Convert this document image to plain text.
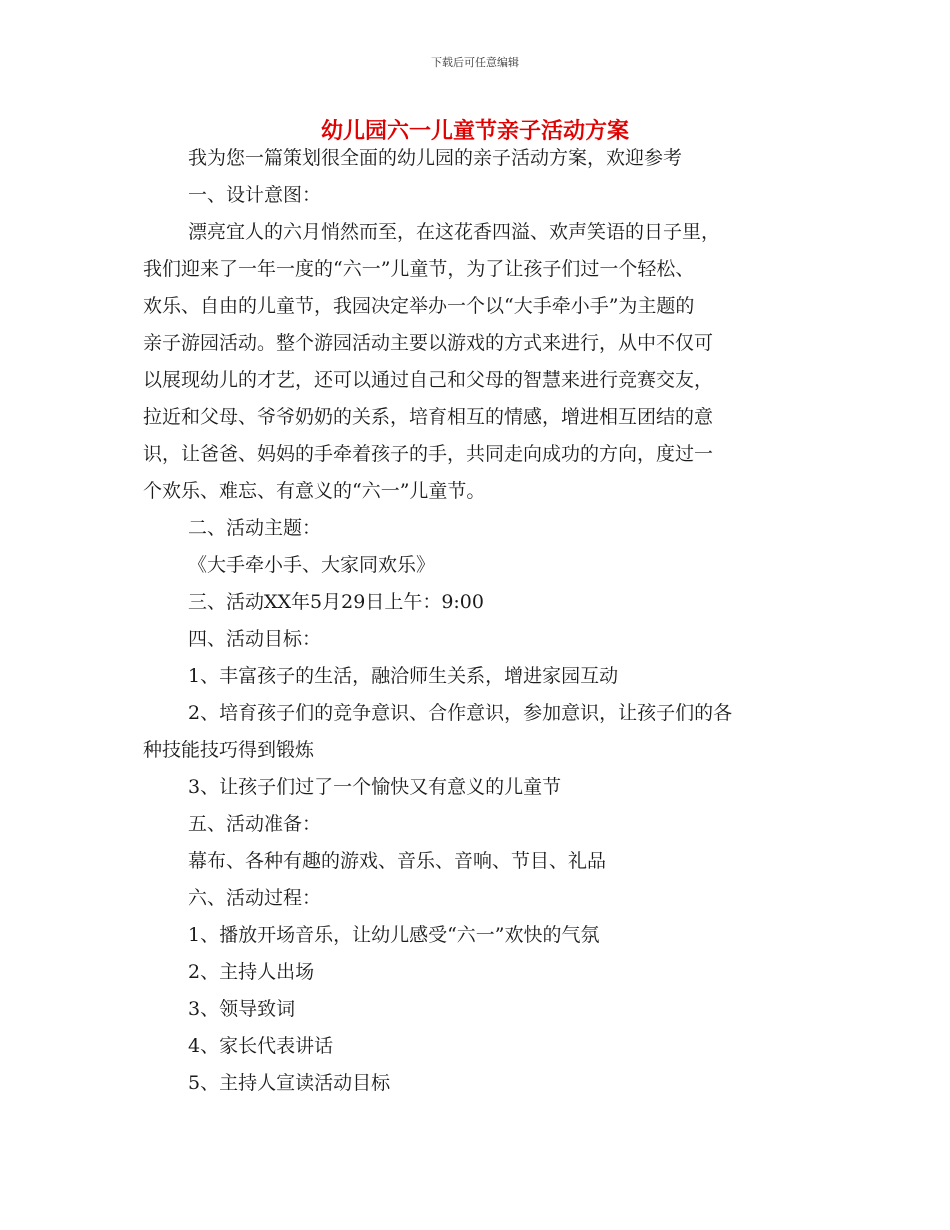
下载后可任意编辑
幼儿园六一儿童节亲子活动方案
我为您一篇策划很全面的幼儿园的亲子活动方案，欢迎参考
一、设计意图：
漂亮宜人的六月悄然而至，在这花香四溢、欢声笑语的日子里，
我们迎来了一年一度的“六一”儿童节，为了让孩子们过一个轻松、
欢乐、自由的儿童节，我园决定举办一个以“大手牵小手”为主题的
亲子游园活动。整个游园活动主要以游戏的方式来进行，从中不仅可
以展现幼儿的才艺，还可以通过自己和父母的智慧来进行竞赛交友，
拉近和父母、爷爷奶奶的关系，培育相互的情感，增进相互团结的意
识，让爸爸、妈妈的手牵着孩子的手，共同走向成功的方向，度过一
个欢乐、难忘、有意义的“六一”儿童节。
二、活动主题：
《大手牵小手、大家同欢乐》
三、活动XX年5月29日上午：9:00
四、活动目标：
1、丰富孩子的生活，融洽师生关系，增进家园互动
2、培育孩子们的竞争意识、合作意识，参加意识，让孩子们的各
种技能技巧得到锻炼
3、让孩子们过了一个愉快又有意义的儿童节
五、活动准备：
幕布、各种有趣的游戏、音乐、音响、节目、礼品
六、活动过程：
1、播放开场音乐，让幼儿感受“六一”欢快的气氛
2、主持人出场
3、领导致词
4、家长代表讲话
5、主持人宣读活动目标
